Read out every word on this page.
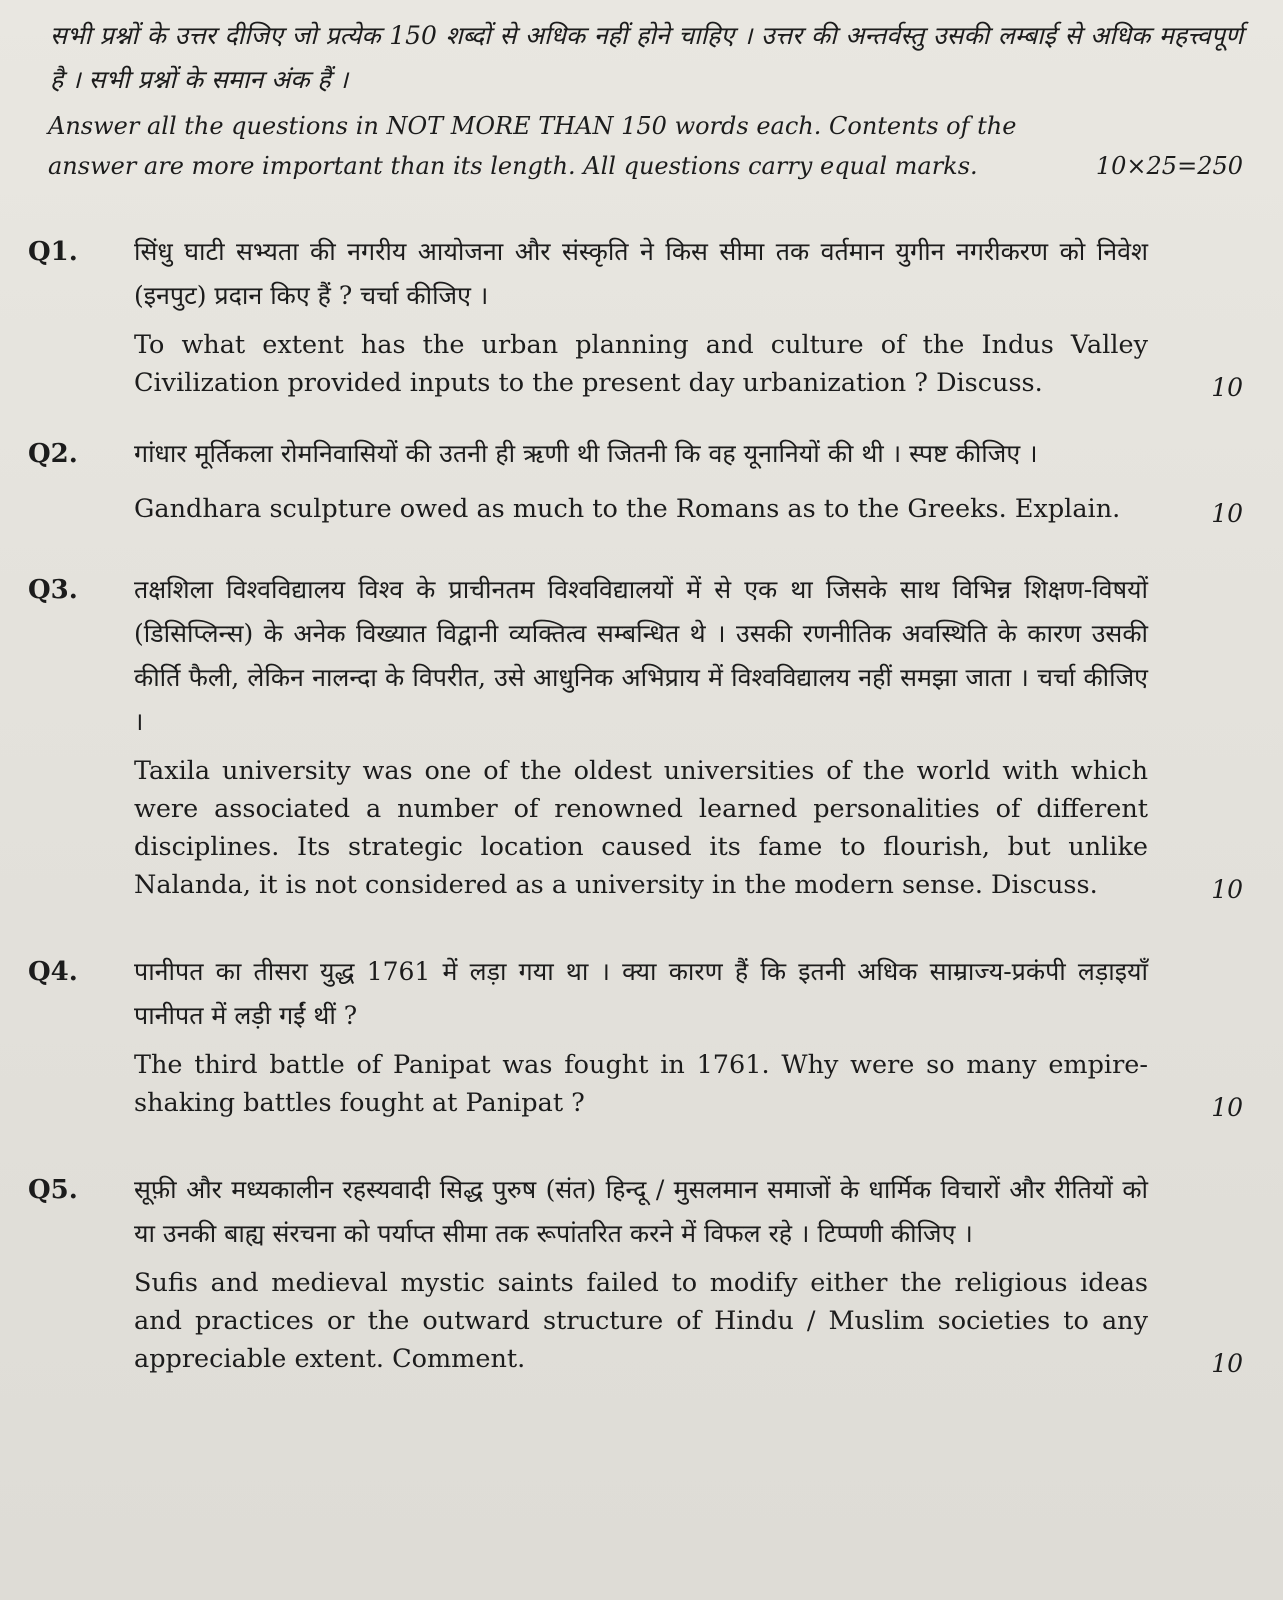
सभी प्रश्नों के उत्तर दीजिए जो प्रत्येक 150 शब्दों से अधिक नहीं होने चाहिए । उत्तर की अन्तर्वस्तु उसकी लम्बाई से अधिक महत्त्वपूर्ण है । सभी प्रश्नों के समान अंक हैं ।

Answer all the questions in NOT MORE THAN 150 words each. Contents of the answer are more important than its length. All questions carry equal marks.	10×25=250
Q1. सिंधु घाटी सभ्यता की नगरीय आयोजना और संस्कृति ने किस सीमा तक वर्तमान युगीन नगरीकरण को निवेश (इनपुट) प्रदान किए हैं ? चर्चा कीजिए ।

To what extent has the urban planning and culture of the Indus Valley Civilization provided inputs to the present day urbanization ? Discuss.	10
Q2. गांधार मूर्तिकला रोमनिवासियों की उतनी ही ऋणी थी जितनी कि वह यूनानियों की थी । स्पष्ट कीजिए ।

Gandhara sculpture owed as much to the Romans as to the Greeks. Explain.	10
Q3. तक्षशिला विश्वविद्यालय विश्व के प्राचीनतम विश्वविद्यालयों में से एक था जिसके साथ विभिन्न शिक्षण-विषयों (डिसिप्लिन्स) के अनेक विख्यात विद्वानी व्यक्तित्व सम्बन्धित थे । उसकी रणनीतिक अवस्थिति के कारण उसकी कीर्ति फैली, लेकिन नालन्दा के विपरीत, उसे आधुनिक अभिप्राय में विश्वविद्यालय नहीं समझा जाता । चर्चा कीजिए ।

Taxila university was one of the oldest universities of the world with which were associated a number of renowned learned personalities of different disciplines. Its strategic location caused its fame to flourish, but unlike Nalanda, it is not considered as a university in the modern sense. Discuss.	10
Q4. पानीपत का तीसरा युद्ध 1761 में लड़ा गया था । क्या कारण हैं कि इतनी अधिक साम्राज्य-प्रकंपी लड़ाइयाँ पानीपत में लड़ी गईं थीं ?

The third battle of Panipat was fought in 1761. Why were so many empire-shaking battles fought at Panipat ?	10
Q5. सूफ़ी और मध्यकालीन रहस्यवादी सिद्ध पुरुष (संत) हिन्दू / मुसलमान समाजों के धार्मिक विचारों और रीतियों को या उनकी बाह्य संरचना को पर्याप्त सीमा तक रूपांतरित करने में विफल रहे । टिप्पणी कीजिए ।

Sufis and medieval mystic saints failed to modify either the religious ideas and practices or the outward structure of Hindu / Muslim societies to any appreciable extent. Comment.	10
